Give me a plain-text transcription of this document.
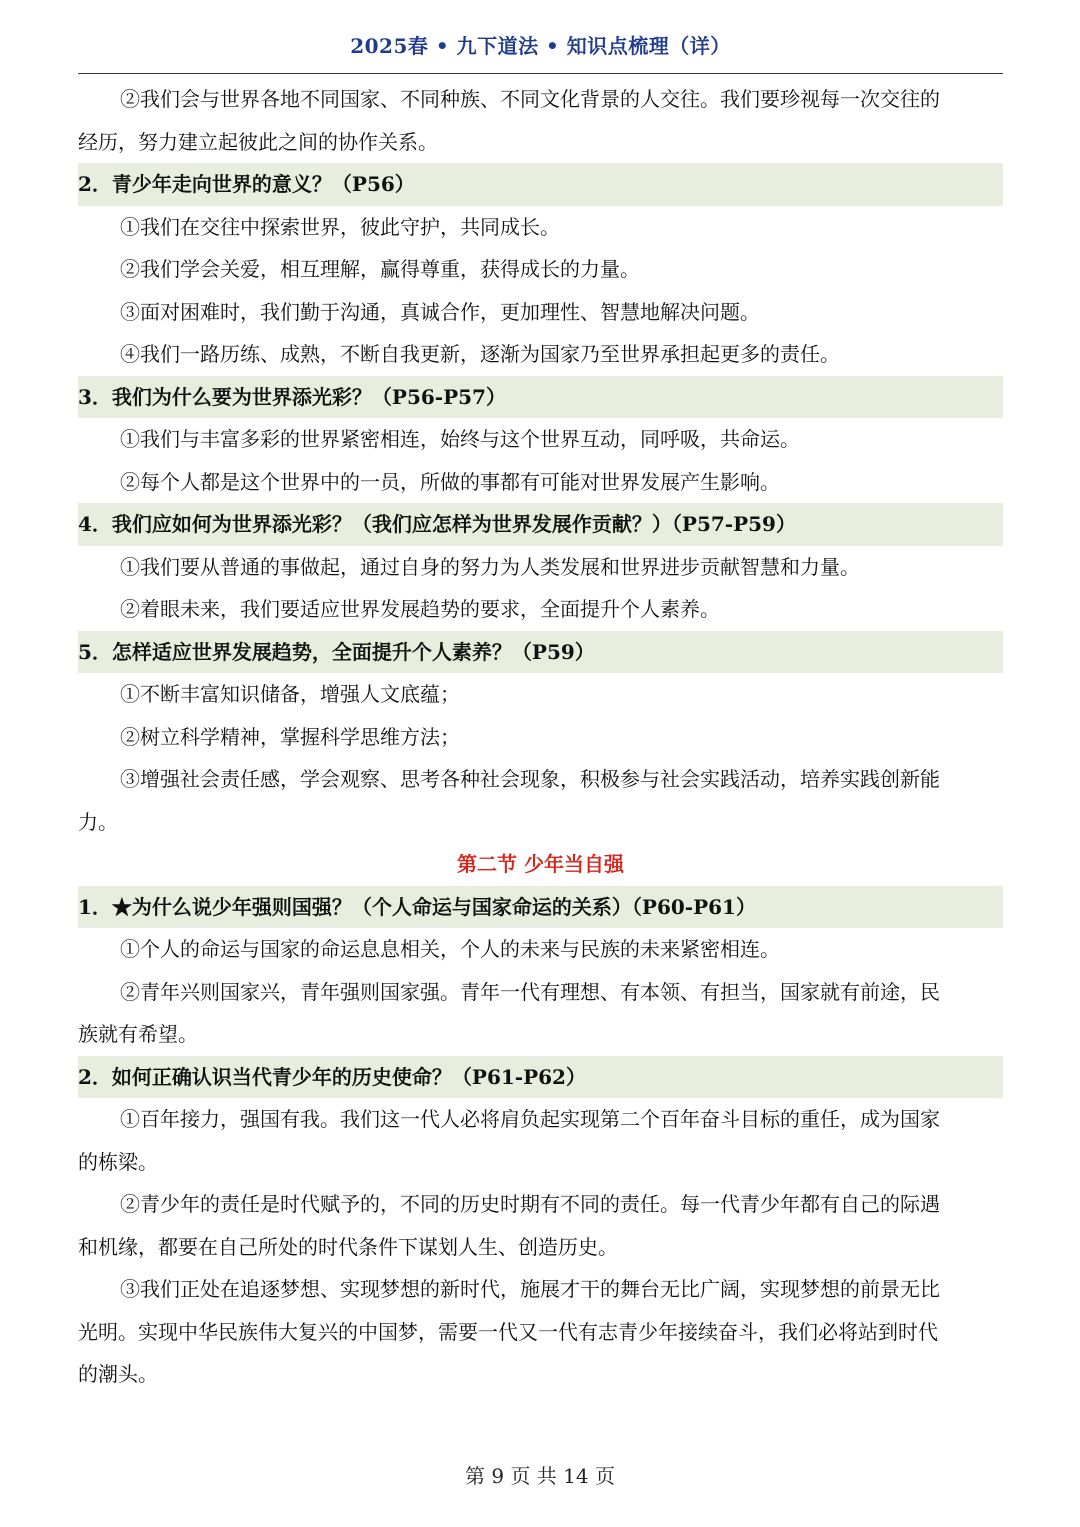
2025春 • 九下道法 • 知识点梳理（详）
②我们会与世界各地不同国家、不同种族、不同文化背景的人交往。我们要珍视每一次交往的
经历，努力建立起彼此之间的协作关系。
2．青少年走向世界的意义？（P56）
①我们在交往中探索世界，彼此守护，共同成长。
②我们学会关爱，相互理解，赢得尊重，获得成长的力量。
③面对困难时，我们勤于沟通，真诚合作，更加理性、智慧地解决问题。
④我们一路历练、成熟，不断自我更新，逐渐为国家乃至世界承担起更多的责任。
3．我们为什么要为世界添光彩？（P56-P57）
①我们与丰富多彩的世界紧密相连，始终与这个世界互动，同呼吸，共命运。
②每个人都是这个世界中的一员，所做的事都有可能对世界发展产生影响。
4．我们应如何为世界添光彩？（我们应怎样为世界发展作贡献？）（P57-P59）
①我们要从普通的事做起，通过自身的努力为人类发展和世界进步贡献智慧和力量。
②着眼未来，我们要适应世界发展趋势的要求，全面提升个人素养。
5．怎样适应世界发展趋势，全面提升个人素养？（P59）
①不断丰富知识储备，增强人文底蕴；
②树立科学精神，掌握科学思维方法；
③增强社会责任感，学会观察、思考各种社会现象，积极参与社会实践活动，培养实践创新能
力。
第二节 少年当自强
1．★为什么说少年强则国强？（个人命运与国家命运的关系）（P60-P61）
①个人的命运与国家的命运息息相关，个人的未来与民族的未来紧密相连。
②青年兴则国家兴，青年强则国家强。青年一代有理想、有本领、有担当，国家就有前途，民
族就有希望。
2．如何正确认识当代青少年的历史使命？（P61-P62）
①百年接力，强国有我。我们这一代人必将肩负起实现第二个百年奋斗目标的重任，成为国家
的栋梁。
②青少年的责任是时代赋予的，不同的历史时期有不同的责任。每一代青少年都有自己的际遇
和机缘，都要在自己所处的时代条件下谋划人生、创造历史。
③我们正处在追逐梦想、实现梦想的新时代，施展才干的舞台无比广阔，实现梦想的前景无比
光明。实现中华民族伟大复兴的中国梦，需要一代又一代有志青少年接续奋斗，我们必将站到时代
的潮头。
第 9 页 共 14 页
